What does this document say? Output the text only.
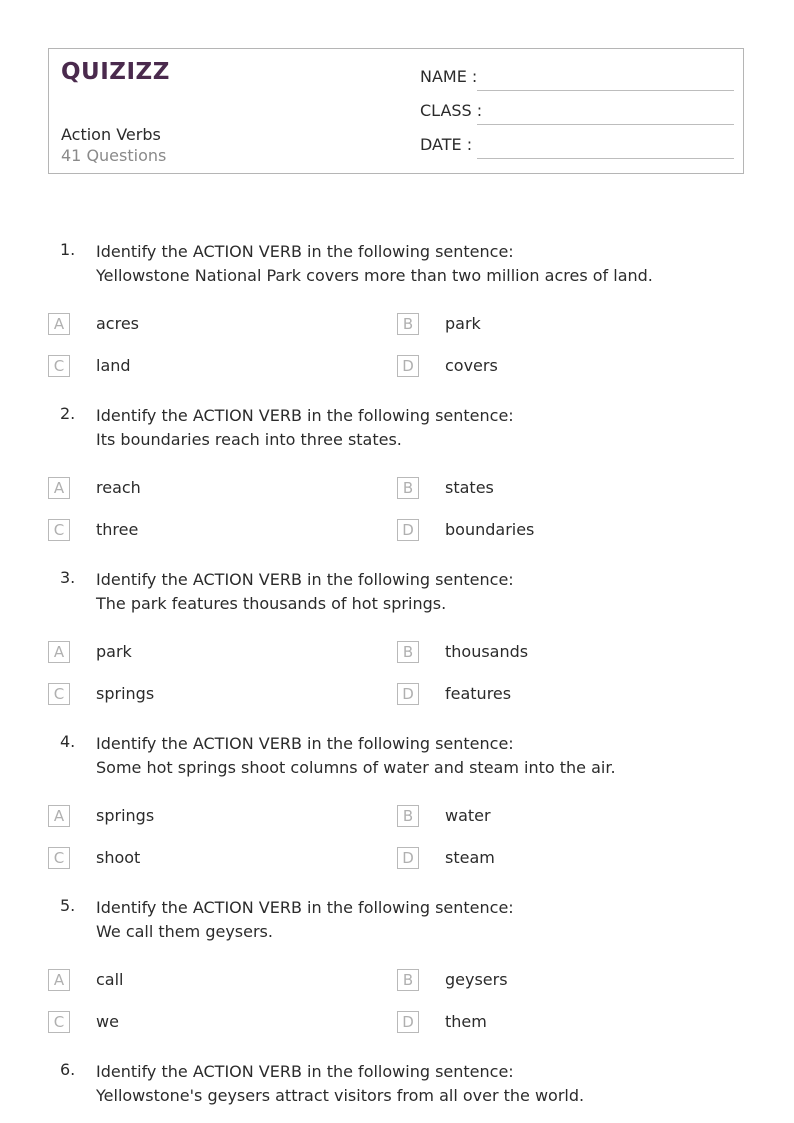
QUIZIZZ
Action Verbs
41 Questions
NAME :
CLASS :
DATE :
1. Identify the ACTION VERB in the following sentence:
Yellowstone National Park covers more than two million acres of land.
A	acres	B	park
C	land	D	covers
2. Identify the ACTION VERB in the following sentence:
Its boundaries reach into three states.
A	reach	B	states
C	three	D	boundaries
3. Identify the ACTION VERB in the following sentence:
The park features thousands of hot springs.
A	park	B	thousands
C	springs	D	features
4. Identify the ACTION VERB in the following sentence:
Some hot springs shoot columns of water and steam into the air.
A	springs	B	water
C	shoot	D	steam
5. Identify the ACTION VERB in the following sentence:
We call them geysers.
A	call	B	geysers
C	we	D	them
6. Identify the ACTION VERB in the following sentence:
Yellowstone's geysers attract visitors from all over the world.
